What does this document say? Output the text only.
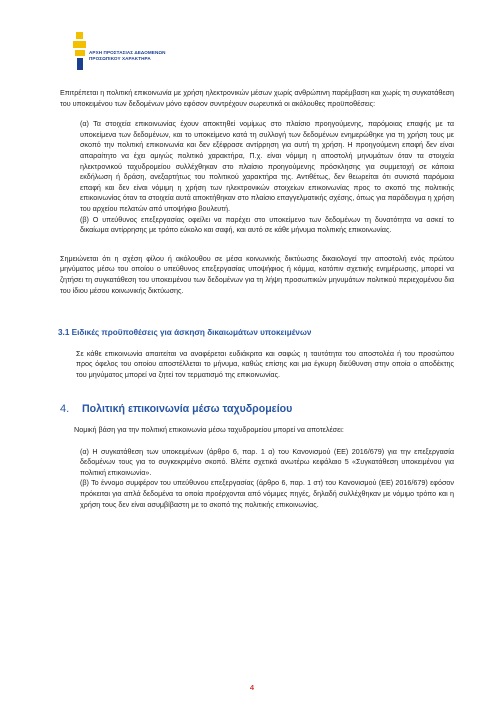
ΑΡΧΗ ΠΡΟΣΤΑΣΙΑΣ ΔΕΔΟΜΕΝΩΝ
ΠΡΟΣΩΠΙΚΟΥ ΧΑΡΑΚΤΗΡΑ

Επιτρέπεται η πολιτική επικοινωνία με χρήση ηλεκτρονικών μέσων χωρίς ανθρώπινη παρέμβαση και χωρίς τη συγκατάθεση του υποκειμένου των δεδομένων μόνο εφόσον συντρέχουν σωρευτικά οι ακόλουθες προϋποθέσεις:

(α) Τα στοιχεία επικοινωνίας έχουν αποκτηθεί νομίμως στο πλαίσιο προηγούμενης, παρόμοιας επαφής με τα υποκείμενα των δεδομένων, και το υποκείμενο κατά τη συλλογή των δεδομένων ενημερώθηκε για τη χρήση τους με σκοπό την πολιτική επικοινωνία και δεν εξέφρασε αντίρρηση για αυτή τη χρήση. Η προηγούμενη επαφή δεν είναι απαραίτητο να έχει αμιγώς πολιτικό χαρακτήρα, Π.χ. είναι νόμιμη η αποστολή μηνυμάτων όταν τα στοιχεία ηλεκτρονικού ταχυδρομείου συλλέχθηκαν στο πλαίσιο προηγούμενης πρόσκλησης για συμμετοχή σε κάποια εκδήλωση ή δράση, ανεξαρτήτως του πολιτικού χαρακτήρα της. Αντιθέτως, δεν θεωρείται ότι συνιστά παρόμοια επαφή και δεν είναι νόμιμη η χρήση των ηλεκτρονικών στοιχείων επικοινωνίας προς το σκοπό της πολιτικής επικοινωνίας όταν τα στοιχεία αυτά αποκτήθηκαν στο πλαίσιο επαγγελματικής σχέσης, όπως για παράδειγμα η χρήση του αρχείου πελατών από υποψήφιο βουλευτή.

(β) Ο υπεύθυνος επεξεργασίας οφείλει να παρέχει στο υποκείμενο των δεδομένων τη δυνατότητα να ασκεί το δικαίωμα αντίρρησης με τρόπο εύκολο και σαφή, και αυτό σε κάθε μήνυμα πολιτικής επικοινωνίας.

Σημειώνεται ότι η σχέση φίλου ή ακόλουθου σε μέσα κοινωνικής δικτύωσης δικαιολογεί την αποστολή ενός πρώτου μηνύματος μέσω του οποίου ο υπεύθυνος επεξεργασίας υποψήφιος ή κόμμα, κατόπιν σχετικής ενημέρωσης, μπορεί να ζητήσει τη συγκατάθεση του υποκειμένου των δεδομένων για τη λήψη προσωπικών μηνυμάτων πολιτικού περιεχομένου δια του ίδιου μέσου κοινωνικής δικτύωσης.

3.1 Ειδικές προϋποθέσεις για άσκηση δικαιωμάτων υποκειμένων

Σε κάθε επικοινωνία απαιτείται να αναφέρεται ευδιάκριτα και σαφώς η ταυτότητα του αποστολέα ή του προσώπου προς όφελος του οποίου αποστέλλεται το μήνυμα, καθώς επίσης και μια έγκυρη διεύθυνση στην οποία ο αποδέκτης του μηνύματος μπορεί να ζητεί τον τερματισμό της επικοινωνίας.

4.	Πολιτική επικοινωνία μέσω ταχυδρομείου

Νομική βάση για την πολιτική επικοινωνία μέσω ταχυδρομείου μπορεί να αποτελέσει:

(α) Η συγκατάθεση των υποκειμένων (άρθρο 6, παρ. 1 α) του Κανονισμού (ΕΕ) 2016/679) για την επεξεργασία δεδομένων τους για το συγκεκριμένο σκοπό. Βλέπε σχετικά ανωτέρω κεφάλαιο 5 «Συγκατάθεση υποκειμένου για πολιτική επικοινωνία».

(β) Το έννομο συμφέρον του υπεύθυνου επεξεργασίας (άρθρο 6, παρ. 1 στ) του Κανονισμού (ΕΕ) 2016/679) εφόσον πρόκειται για απλά δεδομένα τα οποία προέρχονται από νόμιμες πηγές, δηλαδή συλλέχθηκαν με νόμιμο τρόπο και η χρήση τους δεν είναι ασυμβίβαστη με το σκοπό της πολιτικής επικοινωνίας.

4
